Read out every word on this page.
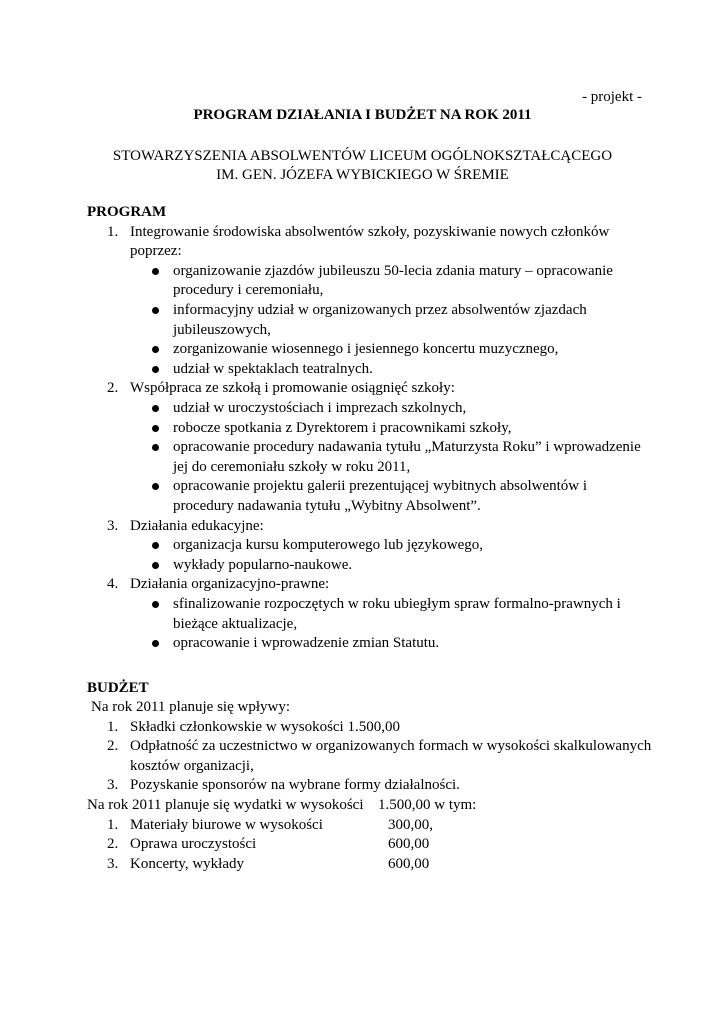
- projekt -
PROGRAM DZIAŁANIA I BUDŻET NA ROK 2011
STOWARZYSZENIA ABSOLWENTÓW LICEUM OGÓLNOKSZTAŁCĄCEGO
IM. GEN. JÓZEFA WYBICKIEGO W ŚREMIE
PROGRAM
1. Integrowanie środowiska absolwentów szkoły, pozyskiwanie nowych członków
poprzez:
organizowanie zjazdów jubileuszu 50-lecia zdania matury – opracowanie
procedury i ceremoniału,
informacyjny udział w organizowanych przez absolwentów zjazdach
jubileuszowych,
zorganizowanie wiosennego i jesiennego koncertu muzycznego,
udział w spektaklach teatralnych.
2. Współpraca ze szkołą i promowanie osiągnięć szkoły:
udział w uroczystościach i imprezach szkolnych,
robocze spotkania z Dyrektorem i pracownikami szkoły,
opracowanie procedury nadawania tytułu „Maturzysta Roku” i wprowadzenie
jej do ceremoniału szkoły w roku 2011,
opracowanie projektu galerii prezentującej wybitnych absolwentów i
procedury nadawania tytułu „Wybitny Absolwent”.
3. Działania edukacyjne:
organizacja kursu komputerowego lub językowego,
wykłady popularno-naukowe.
4. Działania organizacyjno-prawne:
sfinalizowanie rozpoczętych w roku ubiegłym spraw formalno-prawnych i
bieżące aktualizacje,
opracowanie i wprowadzenie zmian Statutu.
BUDŻET
Na rok 2011 planuje się wpływy:
1. Składki członkowskie w wysokości 1.500,00
2. Odpłatność za uczestnictwo w organizowanych formach w wysokości skalkulowanych
kosztów organizacji,
3. Pozyskanie sponsorów na wybrane formy działalności.
Na rok 2011 planuje się wydatki w wysokości 1.500,00 w tym:
1. Materiały biurowe w wysokości	300,00,
2. Oprawa uroczystości	600,00
3. Koncerty, wykłady	600,00
